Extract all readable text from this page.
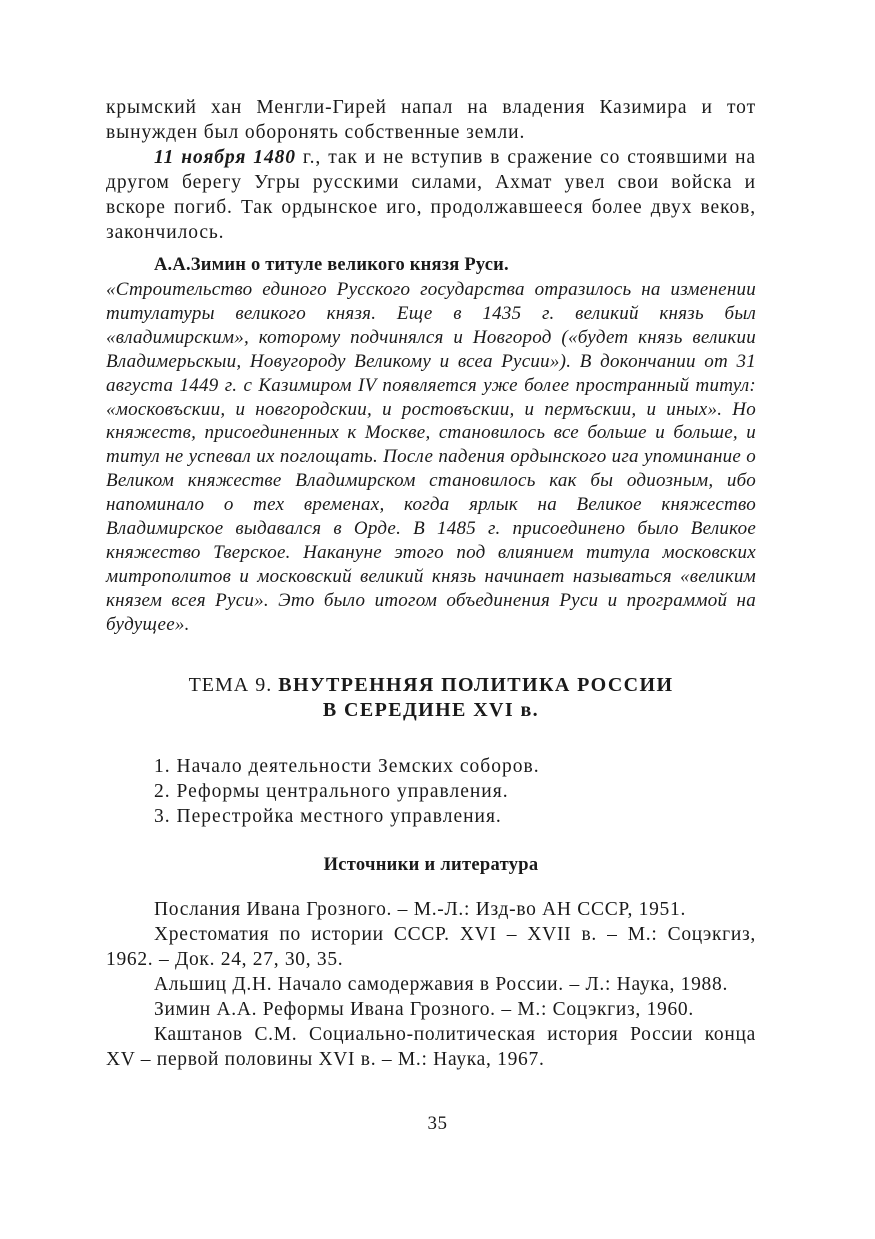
крымский хан Менгли-Гирей напал на владения Казимира и тот вынужден был оборонять собственные земли.

11 ноября 1480 г., так и не вступив в сражение со стоявшими на другом берегу Угры русскими силами, Ахмат увел свои войска и вскоре погиб. Так ордынское иго, продолжавшееся более двух веков, закончилось.

А.А.Зимин о титуле великого князя Руси.

«Строительство единого Русского государства отразилось на изменении титулатуры великого князя. Еще в 1435 г. великий князь был «владимирским», которому подчинялся и Новгород («будет князь великии Владимерьскыи, Новугороду Великому и всеа Русии»). В докончании от 31 августа 1449 г. с Казимиром IV появляется уже более пространный титул: «московъскии, и новгородскии, и ростовъскии, и пермъскии, и иных». Но княжеств, присоединенных к Москве, становилось все больше и больше, и титул не успевал их поглощать. После падения ордынского ига упоминание о Великом княжестве Владимирском становилось как бы одиозным, ибо напоминало о тех временах, когда ярлык на Великое княжество Владимирское выдавался в Орде. В 1485 г. присоединено было Великое княжество Тверское. Накануне этого под влиянием титула московских митрополитов и московский великий князь начинает называться «великим князем всея Руси». Это было итогом объединения Руси и программой на будущее».

ТЕМА 9. ВНУТРЕННЯЯ ПОЛИТИКА РОССИИ
В СЕРЕДИНЕ XVI в.
1. Начало деятельности Земских соборов.
2. Реформы центрального управления.
3. Перестройка местного управления.

Источники и литература

Послания Ивана Грозного. – М.-Л.: Изд-во АН СССР, 1951.

Хрестоматия по истории СССР. XVI – XVII в. – М.: Соцэкгиз, 1962. – Док. 24, 27, 30, 35.

Альшиц Д.Н. Начало самодержавия в России. – Л.: Наука, 1988.

Зимин А.А. Реформы Ивана Грозного. – М.: Соцэкгиз, 1960.

Каштанов С.М. Социально-политическая история России конца XV – первой половины XVI в. – М.: Наука, 1967.

35
